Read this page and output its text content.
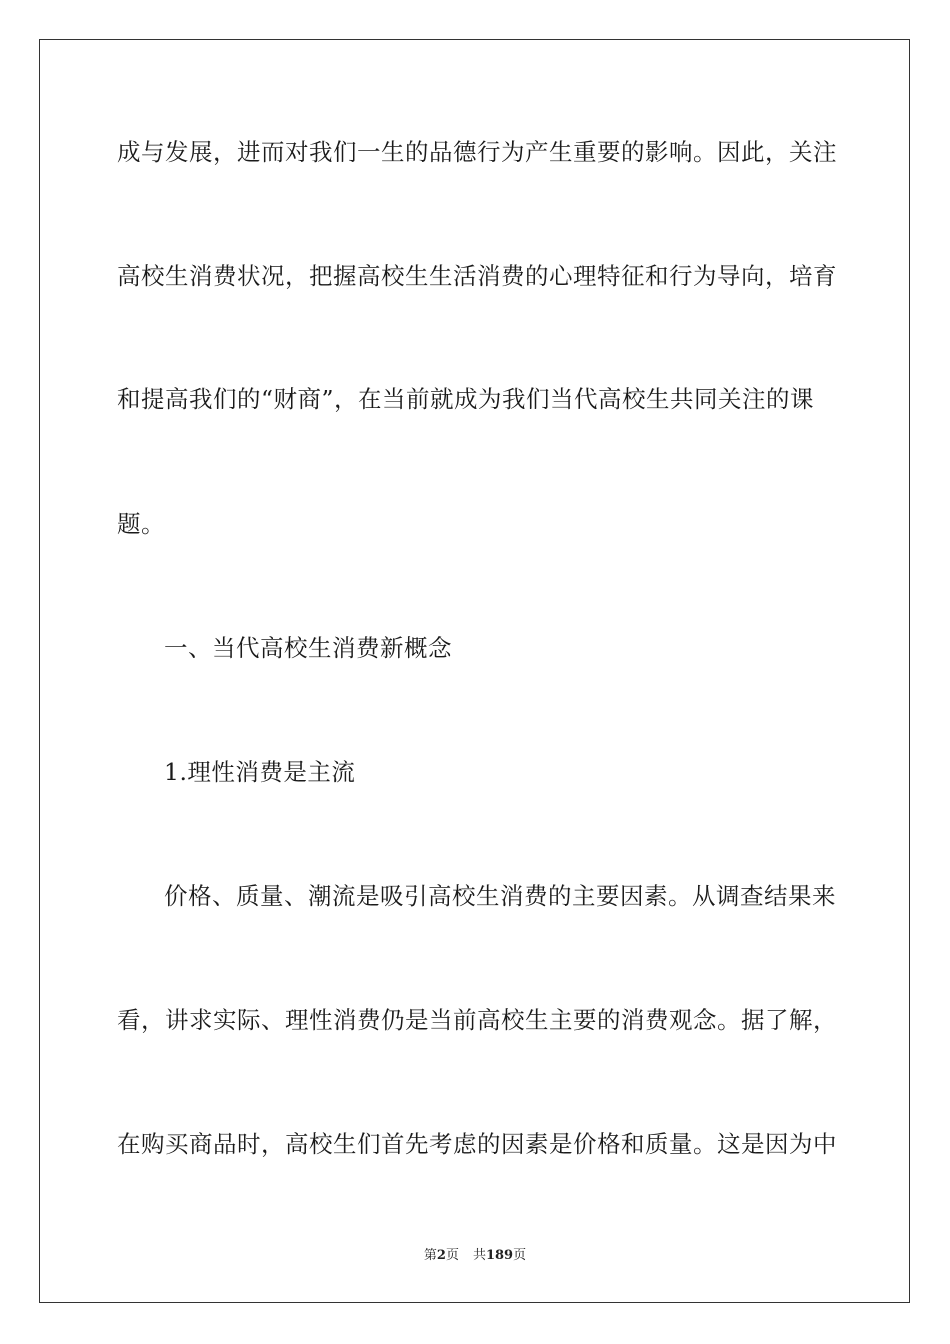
成与发展，进而对我们一生的品德行为产生重要的影响。因此，关注
高校生消费状况，把握高校生生活消费的心理特征和行为导向，培育
和提高我们的“财商”，在当前就成为我们当代高校生共同关注的课
题。
一、当代高校生消费新概念
1.理性消费是主流
价格、质量、潮流是吸引高校生消费的主要因素。从调查结果来
看，讲求实际、理性消费仍是当前高校生主要的消费观念。据了解，
在购买商品时，高校生们首先考虑的因素是价格和质量。这是因为中
第2页 共189页
